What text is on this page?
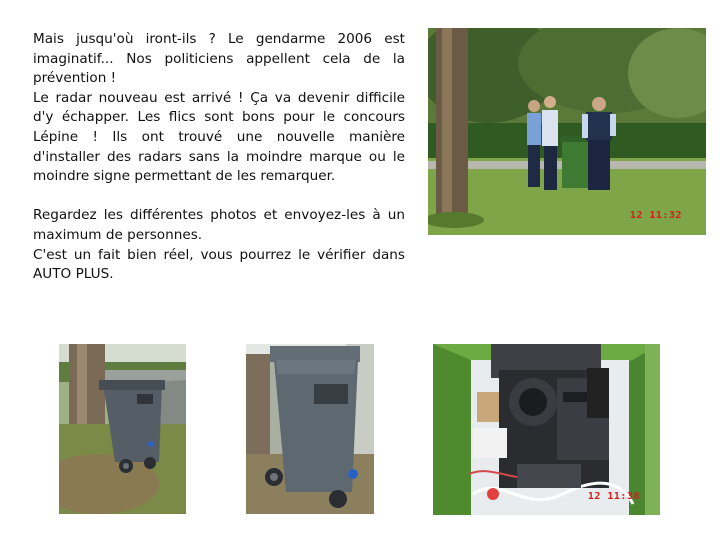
Mais jusqu'où iront-ils ? Le gendarme 2006 est imaginatif... Nos politiciens appellent cela de la prévention !

Le radar nouveau est arrivé ! Ça va devenir difficile d'y échapper. Les flics sont bons pour le concours Lépine ! Ils ont trouvé une nouvelle manière d'installer des radars sans la moindre marque ou le moindre signe permettant de les remarquer.

Regardez les différentes photos et envoyez-les à un maximum de personnes.

C'est un fait bien réel, vous pourrez le vérifier dans AUTO PLUS.

12 11:32
12 11:38
